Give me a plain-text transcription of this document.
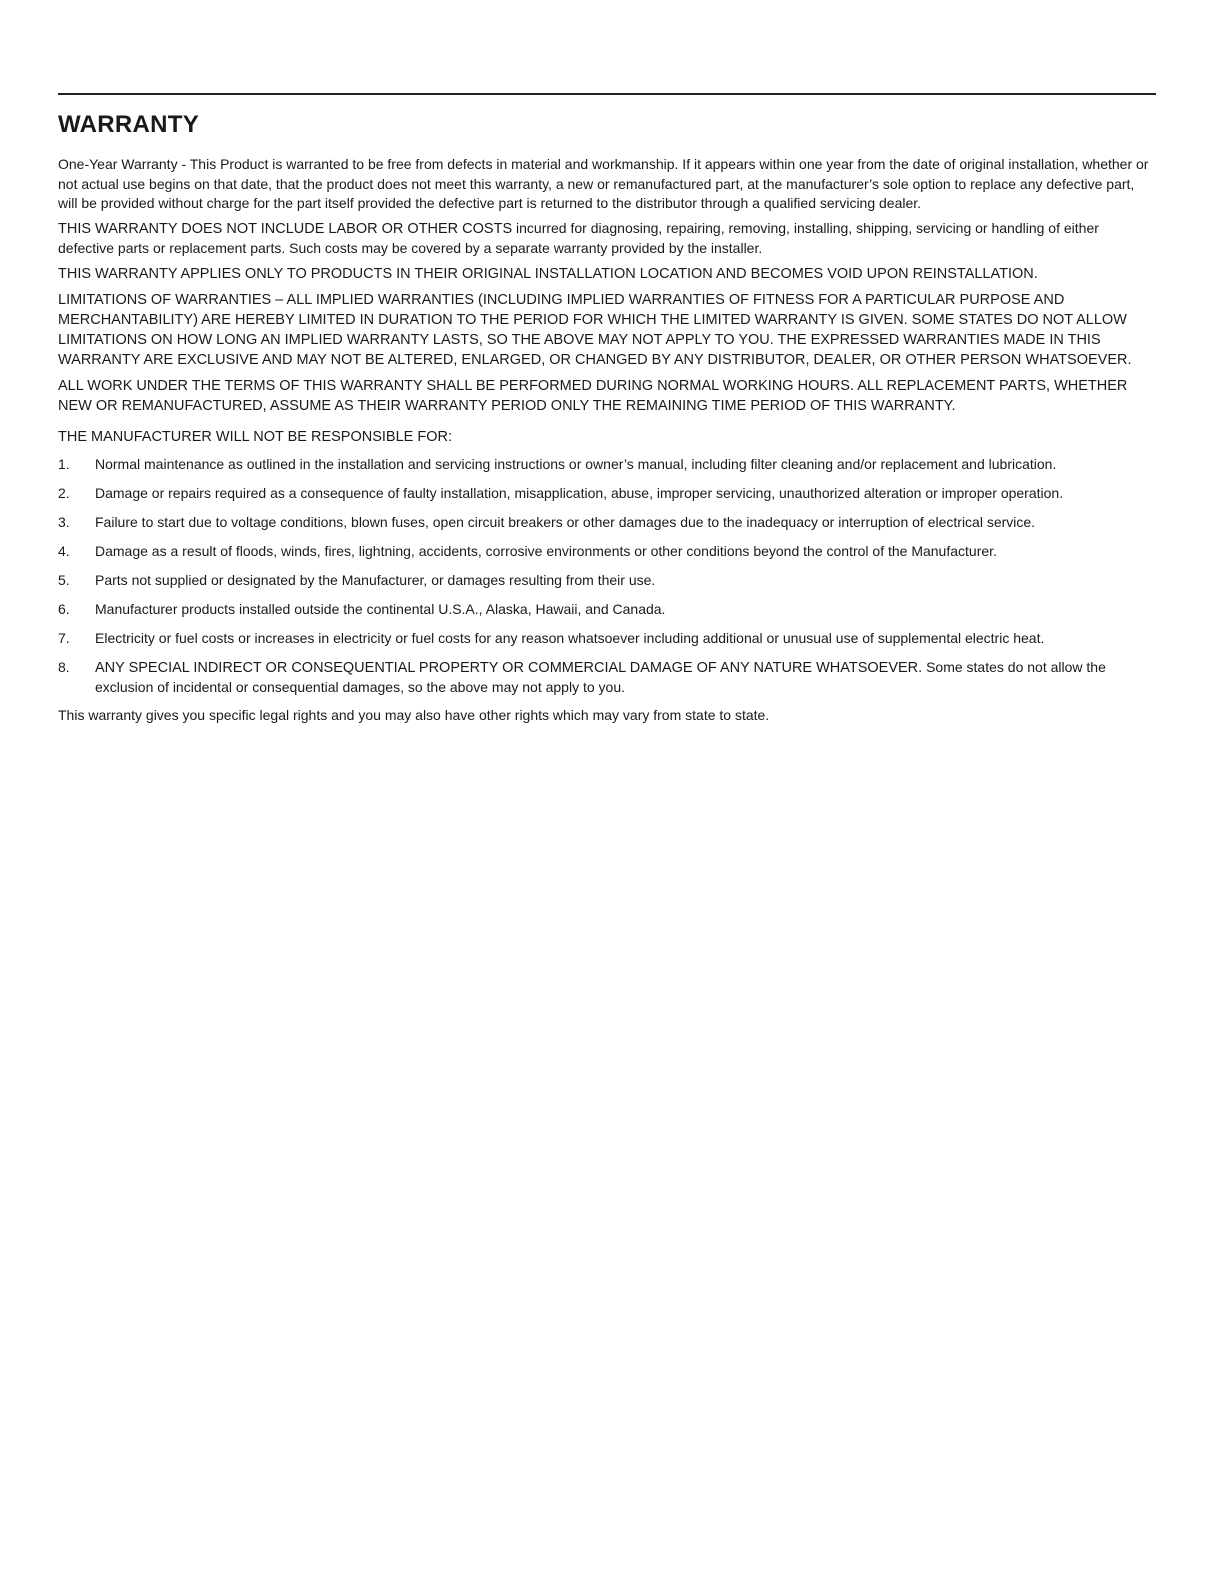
WARRANTY

One-Year Warranty - This Product is warranted to be free from defects in material and workmanship. If it appears within one year from the date of original installation, whether or not actual use begins on that date, that the product does not meet this warranty, a new or remanufactured part, at the manufacturer’s sole option to replace any defective part, will be provided without charge for the part itself provided the defective part is returned to the distributor through a qualified servicing dealer.

THIS WARRANTY DOES NOT INCLUDE LABOR OR OTHER COSTS incurred for diagnosing, repairing, removing, installing, shipping, servicing or handling of either defective parts or replacement parts. Such costs may be covered by a separate warranty provided by the installer.

THIS WARRANTY APPLIES ONLY TO PRODUCTS IN THEIR ORIGINAL INSTALLATION LOCATION AND BECOMES VOID UPON REINSTALLATION.

LIMITATIONS OF WARRANTIES – ALL IMPLIED WARRANTIES (INCLUDING IMPLIED WARRANTIES OF FITNESS FOR A PARTICULAR PURPOSE AND MERCHANTABILITY) ARE HEREBY LIMITED IN DURATION TO THE PERIOD FOR WHICH THE LIMITED WARRANTY IS GIVEN. SOME STATES DO NOT ALLOW LIMITATIONS ON HOW LONG AN IMPLIED WARRANTY LASTS, SO THE ABOVE MAY NOT APPLY TO YOU. THE EXPRESSED WARRANTIES MADE IN THIS WARRANTY ARE EXCLUSIVE AND MAY NOT BE ALTERED, ENLARGED, OR CHANGED BY ANY DISTRIBUTOR, DEALER, OR OTHER PERSON WHATSOEVER.

ALL WORK UNDER THE TERMS OF THIS WARRANTY SHALL BE PERFORMED DURING NORMAL WORKING HOURS. ALL REPLACEMENT PARTS, WHETHER NEW OR REMANUFACTURED, ASSUME AS THEIR WARRANTY PERIOD ONLY THE REMAINING TIME PERIOD OF THIS WARRANTY.

THE MANUFACTURER WILL NOT BE RESPONSIBLE FOR:

1.	Normal maintenance as outlined in the installation and servicing instructions or owner’s manual, including filter cleaning and/or replacement and lubrication.
2.	Damage or repairs required as a consequence of faulty installation, misapplication, abuse, improper servicing, unauthorized alteration or improper operation.
3.	Failure to start due to voltage conditions, blown fuses, open circuit breakers or other damages due to the inadequacy or interruption of electrical service.
4.	Damage as a result of floods, winds, fires, lightning, accidents, corrosive environments or other conditions beyond the control of the Manufacturer.
5.	Parts not supplied or designated by the Manufacturer, or damages resulting from their use.
6.	Manufacturer products installed outside the continental U.S.A., Alaska, Hawaii, and Canada.
7.	Electricity or fuel costs or increases in electricity or fuel costs for any reason whatsoever including additional or unusual use of supplemental electric heat.
8.	ANY SPECIAL INDIRECT OR CONSEQUENTIAL PROPERTY OR COMMERCIAL DAMAGE OF ANY NATURE WHATSOEVER. Some states do not allow the exclusion of incidental or consequential damages, so the above may not apply to you.

This warranty gives you specific legal rights and you may also have other rights which may vary from state to state.
